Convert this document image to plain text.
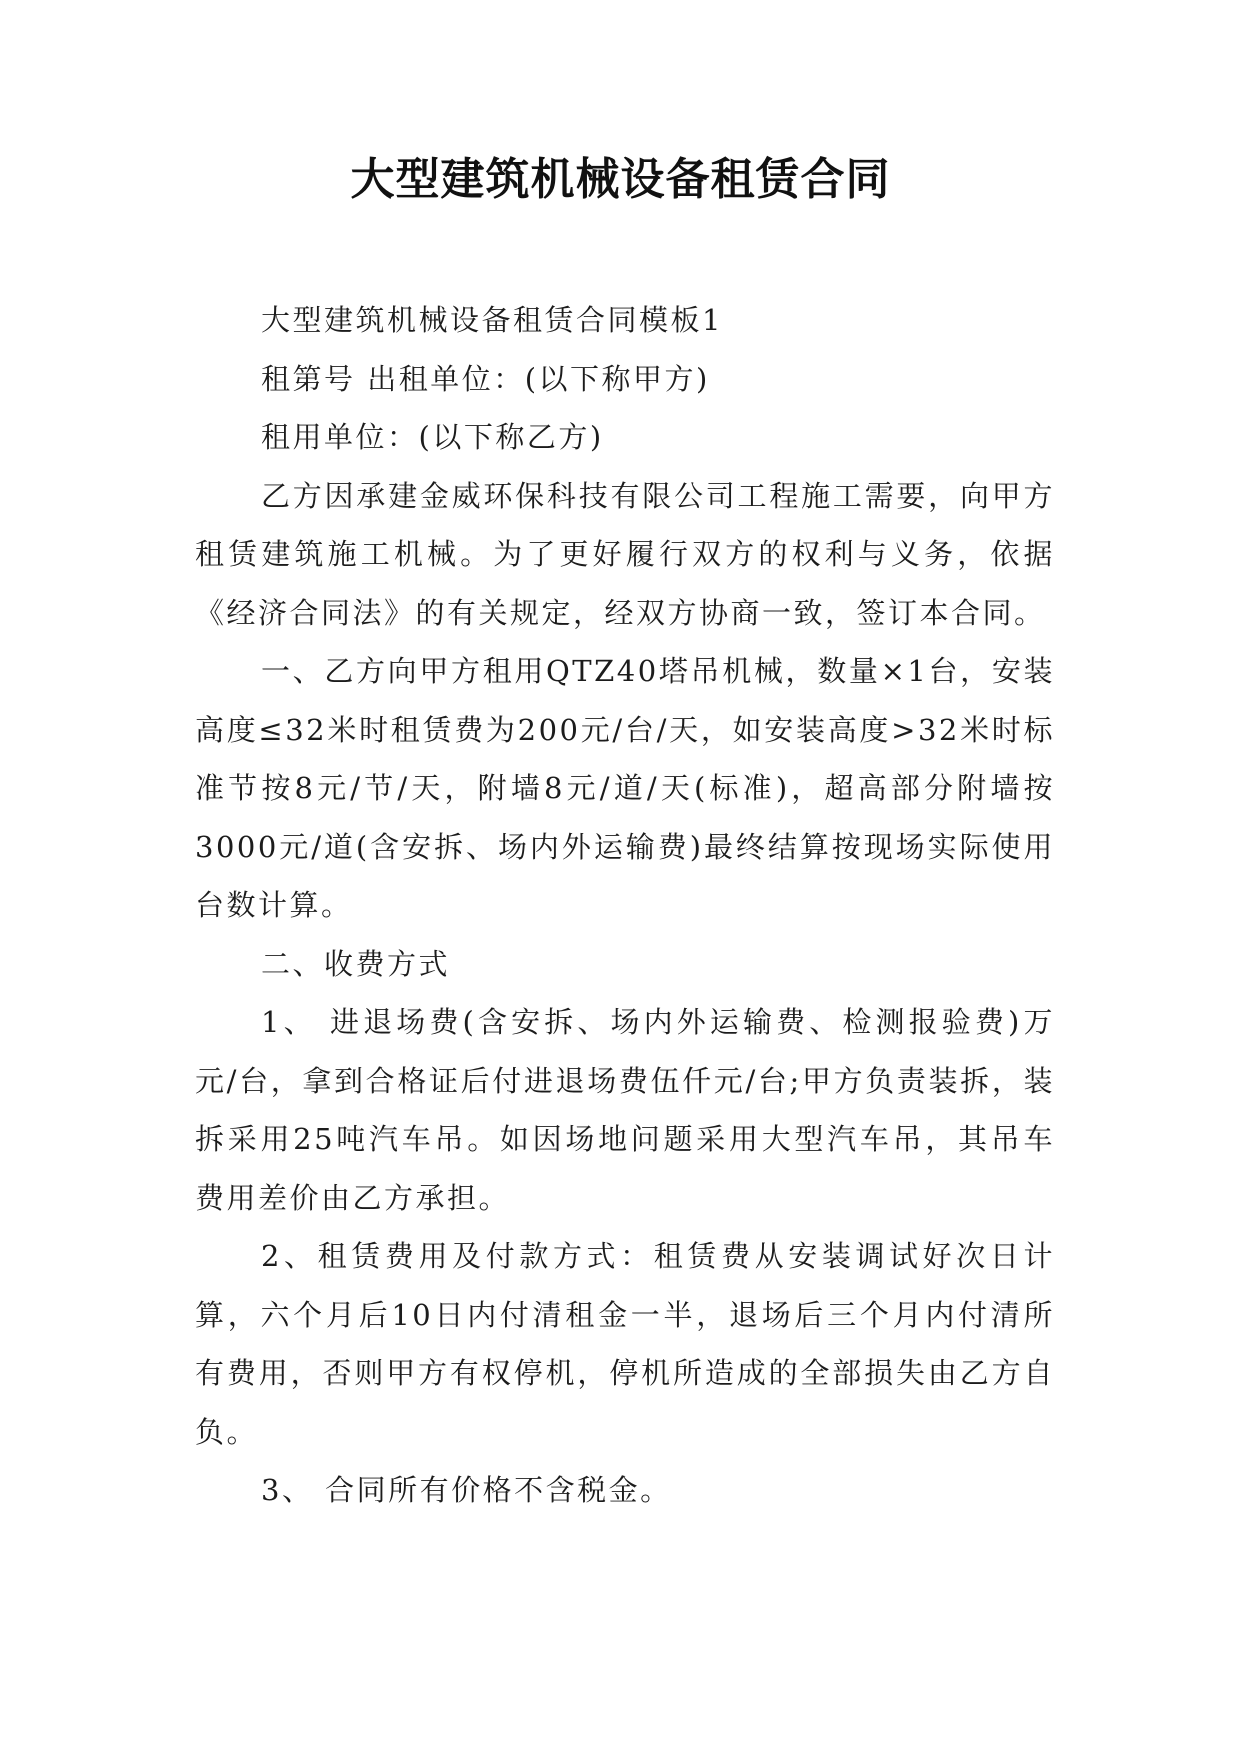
大型建筑机械设备租赁合同

大型建筑机械设备租赁合同模板1

租第号 出租单位：(以下称甲方)

租用单位：(以下称乙方)

乙方因承建金威环保科技有限公司工程施工需要，向甲方租赁建筑施工机械。为了更好履行双方的权利与义务，依据《经济合同法》的有关规定，经双方协商一致，签订本合同。

一、乙方向甲方租用QTZ40塔吊机械，数量×1台，安装高度≤32米时租赁费为200元/台/天，如安装高度>32米时标准节按8元/节/天，附墙8元/道/天(标准)，超高部分附墙按3000元/道(含安拆、场内外运输费)最终结算按现场实际使用台数计算。

二、收费方式

1、 进退场费(含安拆、场内外运输费、检测报验费)万元/台，拿到合格证后付进退场费伍仟元/台;甲方负责装拆，装拆采用25吨汽车吊。如因场地问题采用大型汽车吊，其吊车费用差价由乙方承担。

2、租赁费用及付款方式：租赁费从安装调试好次日计算，六个月后10日内付清租金一半，退场后三个月内付清所有费用，否则甲方有权停机，停机所造成的全部损失由乙方自负。

3、 合同所有价格不含税金。
